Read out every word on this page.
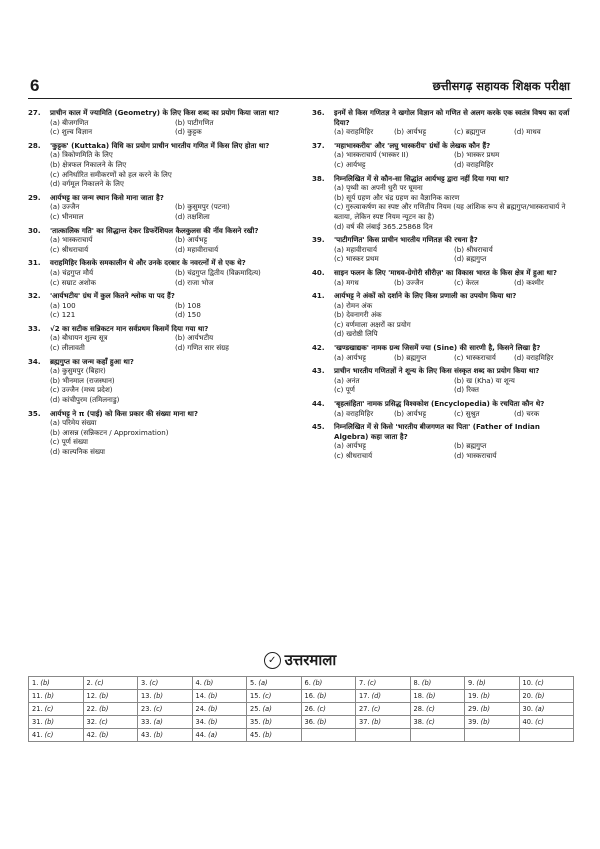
6	छत्तीसगढ़ सहायक शिक्षक परीक्षा
27.	प्राचीन काल में ज्यामिति (Geometry) के लिए किस शब्द का प्रयोग किया जाता था?
(a) बीजगणित	(b) पाटीगणित
(c) शुल्व विज्ञान	(d) कुट्टक
28.	'कुट्टक' (Kuttaka) विधि का प्रयोग प्राचीन भारतीय गणित में किस लिए होता था?
(a) त्रिकोणमिति के लिए
(b) क्षेत्रफल निकालने के लिए
(c) अनिर्धारित समीकरणों को हल करने के लिए
(d) वर्गमूल निकालने के लिए
29.	आर्यभट्ट का जन्म स्थान किसे माना जाता है?
(a) उज्जैन	(b) कुसुमपुर (पटना)
(c) भीनमाल	(d) तक्षशिला
30.	'तात्कालिक गति' का सिद्धान्त देकर डिफरेंशियल कैलकुलस की नींव किसने रखी?
(a) भास्कराचार्य	(b) आर्यभट्ट
(c) श्रीधराचार्य	(d) महावीराचार्य
31.	वराहमिहिर किसके समकालीन थे और उनके दरबार के नवरत्नों में से एक थे?
(a) चंद्रगुप्त मौर्य	(b) चंद्रगुप्त द्वितीय (विक्रमादित्य)
(c) सम्राट अशोक	(d) राजा भोज
32.	'आर्यभटीय' ग्रंथ में कुल कितने श्लोक या पद हैं?
(a) 100	(b) 108
(c) 121	(d) 150
33.	√2 का सटीक सन्निकटन मान सर्वप्रथम किसमें दिया गया था?
(a) बौधायन शुल्व सूत्र	(b) आर्यभटीय
(c) लीलावती	(d) गणित सार संग्रह
34.	ब्रह्मगुप्त का जन्म कहाँ हुआ था?
(a) कुसुमपुर (बिहार)
(b) भीनमाल (राजस्थान)
(c) उज्जैन (मध्य प्रदेश)
(d) कांचीपुरम (तमिलनाडु)
35.	आर्यभट्ट ने π (पाई) को किस प्रकार की संख्या माना था?
(a) परिमेय संख्या
(b) आसन्न (सन्निकटन / Approximation)
(c) पूर्ण संख्या
(d) काल्पनिक संख्या
36.	इनमें से किस गणितज्ञ ने खगोल विज्ञान को गणित से अलग करके एक स्वतंत्र विषय का दर्जा दिया?
(a) वराहमिहिर	(b) आर्यभट्ट	(c) ब्रह्मगुप्त	(d) माधव
37.	'महाभास्करीय' और 'लघु भास्करीय' ग्रंथों के लेखक कौन हैं?
(a) भास्कराचार्य (भास्कर II)	(b) भास्कर प्रथम
(c) आर्यभट्ट	(d) वराहमिहिर
38.	निम्नलिखित में से कौन-सा सिद्धांत आर्यभट्ट द्वारा नहीं दिया गया था?
(a) पृथ्वी का अपनी धुरी पर घूमना
(b) सूर्य ग्रहण और चंद्र ग्रहण का वैज्ञानिक कारण
(c) गुरुत्वाकर्षण का स्पष्ट और गणितीय नियम (यह आंशिक रूप से ब्रह्मगुप्त/भास्कराचार्य ने बताया, लेकिन स्पष्ट नियम न्यूटन का है)
(d) वर्ष की लंबाई 365.25868 दिन
39.	'पाटीगणित' किस प्राचीन भारतीय गणितज्ञ की रचना है?
(a) महावीराचार्य	(b) श्रीधराचार्य
(c) भास्कर प्रथम	(d) ब्रह्मगुप्त
40.	साइन फलन के लिए 'माधव-ग्रेगोरी सीरीज़' का विकास भारत के किस क्षेत्र में हुआ था?
(a) मगध	(b) उज्जैन	(c) केरल	(d) कश्मीर
41.	आर्यभट्ट ने अंकों को दर्शाने के लिए किस प्रणाली का उपयोग किया था?
(a) रोमन अंक
(b) देवनागरी अंक
(c) वर्णमाला अक्षरों का प्रयोग
(d) खरोष्ठी लिपि
42.	'खण्डखाद्यक' नामक ग्रन्थ जिसमें ज्या (Sine) की सारणी है, किसने लिखा है?
(a) आर्यभट्ट	(b) ब्रह्मगुप्त	(c) भास्कराचार्य	(d) वराहमिहिर
43.	प्राचीन भारतीय गणितज्ञों ने शून्य के लिए किस संस्कृत शब्द का प्रयोग किया था?
(a) अनंत	(b) ख (Kha) या शून्य
(c) पूर्ण	(d) रिक्त
44.	'बृहत्संहिता' नामक प्रसिद्ध विश्वकोश (Encyclopedia) के रचयिता कौन थे?
(a) वराहमिहिर	(b) आर्यभट्ट	(c) सुश्रुत	(d) चरक
45.	निम्नलिखित में से किसे 'भारतीय बीजगणत का पिता' (Father of Indian Algebra) कहा जाता है?
(a) आर्यभट्ट	(b) ब्रह्मगुप्त
(c) श्रीधराचार्य	(d) भास्कराचार्य
✓ उत्तरमाला
1. (b)	2. (c)	3. (c)	4. (b)	5. (a)	6. (b)	7. (c)	8. (b)	9. (b)	10. (c)
11. (b)	12. (b)	13. (b)	14. (b)	15. (c)	16. (b)	17. (d)	18. (b)	19. (b)	20. (b)
21. (c)	22. (b)	23. (c)	24. (b)	25. (a)	26. (c)	27. (c)	28. (c)	29. (b)	30. (a)
31. (b)	32. (c)	33. (a)	34. (b)	35. (b)	36. (b)	37. (b)	38. (c)	39. (b)	40. (c)
41. (c)	42. (b)	43. (b)	44. (a)	45. (b)					
